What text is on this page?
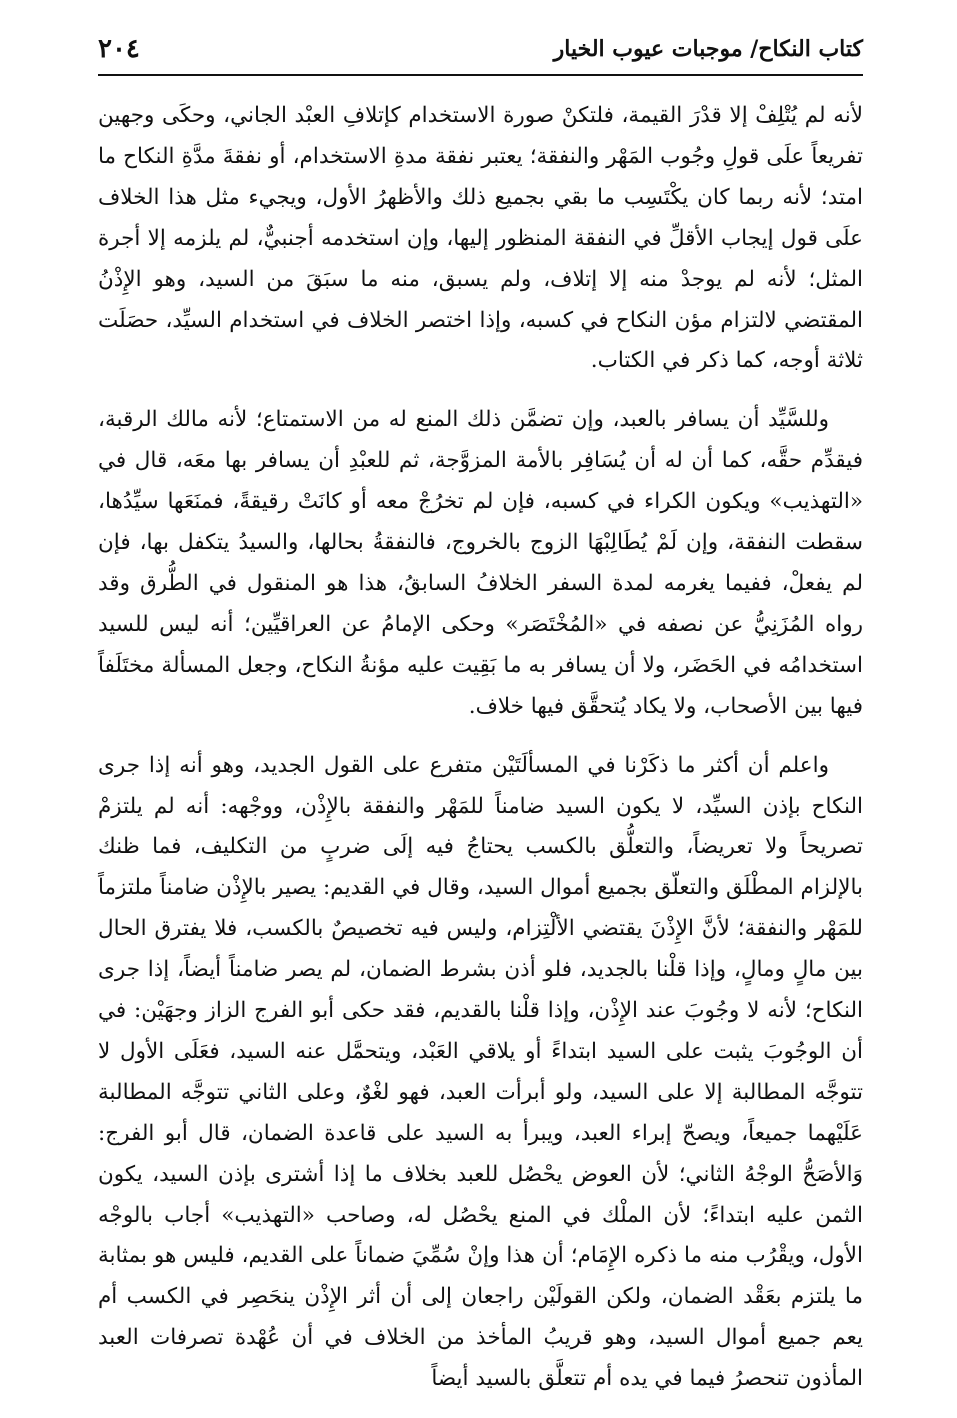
كتاب النكاح/ موجبات عيوب الخيار
٢٠٤

لأنه لم يُتْلِفْ إلا قدْرَ القيمة، فلتكنْ صورة الاستخدام كإتلافِ العبْد الجاني، وحكَى وجهين تفريعاً علَى قولِ وجُوب المَهْر والنفقة؛ يعتبر نفقة مدةِ الاستخدام، أو نفقةَ مدَّةِ النكاح ما امتد؛ لأنه ربما كان يكْتَسِب ما بقي بجميع ذلك والأظهرُ الأول، ويجيء مثل هذا الخلاف علَى قول إيجاب الأقلِّ في النفقة المنظور إليها، وإن استخدمه أجنبيٌّ، لم يلزمه إلا أجرة المثل؛ لأنه لم يوجدْ منه إلا إتلاف، ولم يسبق، منه ما سبَقَ من السيد، وهو الإِذْنُ المقتضي لالتزام مؤن النكاح في كسبه، وإذا اختصر الخلاف في استخدام السيِّد، حصَلَت ثلاثة أوجه، كما ذكر في الكتاب.

وللسَّيِّد أن يسافر بالعبد، وإن تضمَّن ذلك المنع له من الاستمتاع؛ لأنه مالك الرقبة، فيقدِّم حقَّه، كما أن له أن يُسَافِر بالأمة المزوَّجة، ثم للعبْدِ أن يسافر بها معَه، قال في «التهذيب» ويكون الكراء في كسبه، فإن لم تخرُجْ معه أو كانَتْ رقيقةً، فمنَعَها سيِّدُها، سقطت النفقة، وإن لَمْ يُطَالِبْهَا الزوج بالخروج، فالنفقةُ بحالها، والسيدُ يتكفل بها، فإن لم يفعلْ، ففيما يغرمه لمدة السفر الخلافُ السابقُ، هذا هو المنقول في الطُّرق وقد رواه المُزَنِيُّ عن نصفه في «المُخْتَصَر» وحكى الإمامُ عن العراقيِّين؛ أنه ليس للسيد استخدامُه في الحَضَر، ولا أن يسافر به ما بَقِيت عليه مؤنةُ النكاح، وجعل المسألة مختَلَفاً فيها بين الأصحاب، ولا يكاد يُتحقَّق فيها خلاف.

واعلم أن أكثر ما ذكَرْنا في المسألَتَيْن متفرع على القول الجديد، وهو أنه إذا جرى النكاح بإذن السيِّد، لا يكون السيد ضامناً للمَهْر والنفقة بالإِذْن، ووجْهه: أنه لم يلتزمْ تصريحاً ولا تعريضاً، والتعلُّق بالكسب يحتاجُ فيه إلَى ضربٍ من التكليف، فما ظنك بالإلزام المطْلَق والتعلّق بجميع أموال السيد، وقال في القديم: يصير بالإِذْن ضامناً ملتزماً للمَهْر والنفقة؛ لأنَّ الإِذْنَ يقتضي الألْتِزام، وليس فيه تخصيصٌ بالكسب، فلا يفترق الحال بين مالٍ ومالٍ، وإذا قلْنا بالجديد، فلو أذن بشرط الضمان، لم يصر ضامناً أيضاً، إذا جرى النكاح؛ لأنه لا وجُوبَ عند الإِذْن، وإذا قلْنا بالقديم، فقد حكى أبو الفرج الزاز وجهَيْن: في أن الوجُوبَ يثبت على السيد ابتداءً أو يلاقي العَبْد، ويتحمَّل عنه السيد، فعَلَى الأول لا تتوجَّه المطالبة إلا على السيد، ولو أبرأت العبد، فهو لغْوٌ، وعلى الثاني تتوجَّه المطالبة عَلَيْهما جميعاً، ويصحّ إبراء العبد، ويبرأ به السيد على قاعدة الضمان، قال أبو الفرج: وَالأصَحُّ الوجْهُ الثاني؛ لأن العوض يحْصُل للعبد بخلاف ما إذا أشترى بإذن السيد، يكون الثمن عليه ابتداءً؛ لأن الملْك في المنع يحْصُل له، وصاحب «التهذيب» أجاب بالوجْه الأول، ويقْرُب منه ما ذكره الإِمَام؛ أن هذا وإنْ سُمِّيَ ضماناً على القديم، فليس هو بمثابة ما يلتزم بعَقْد الضمان، ولكن القولَيْن راجعان إلى أن أثر الإِذْن ينحَصِر في الكسب أم يعم جميع أموال السيد، وهو قريبُ المأخذ من الخلاف في أن عُهْدة تصرفات العبد المأذون تنحصرُ فيما في يده أم تتعلَّق بالسيد أيضاً
